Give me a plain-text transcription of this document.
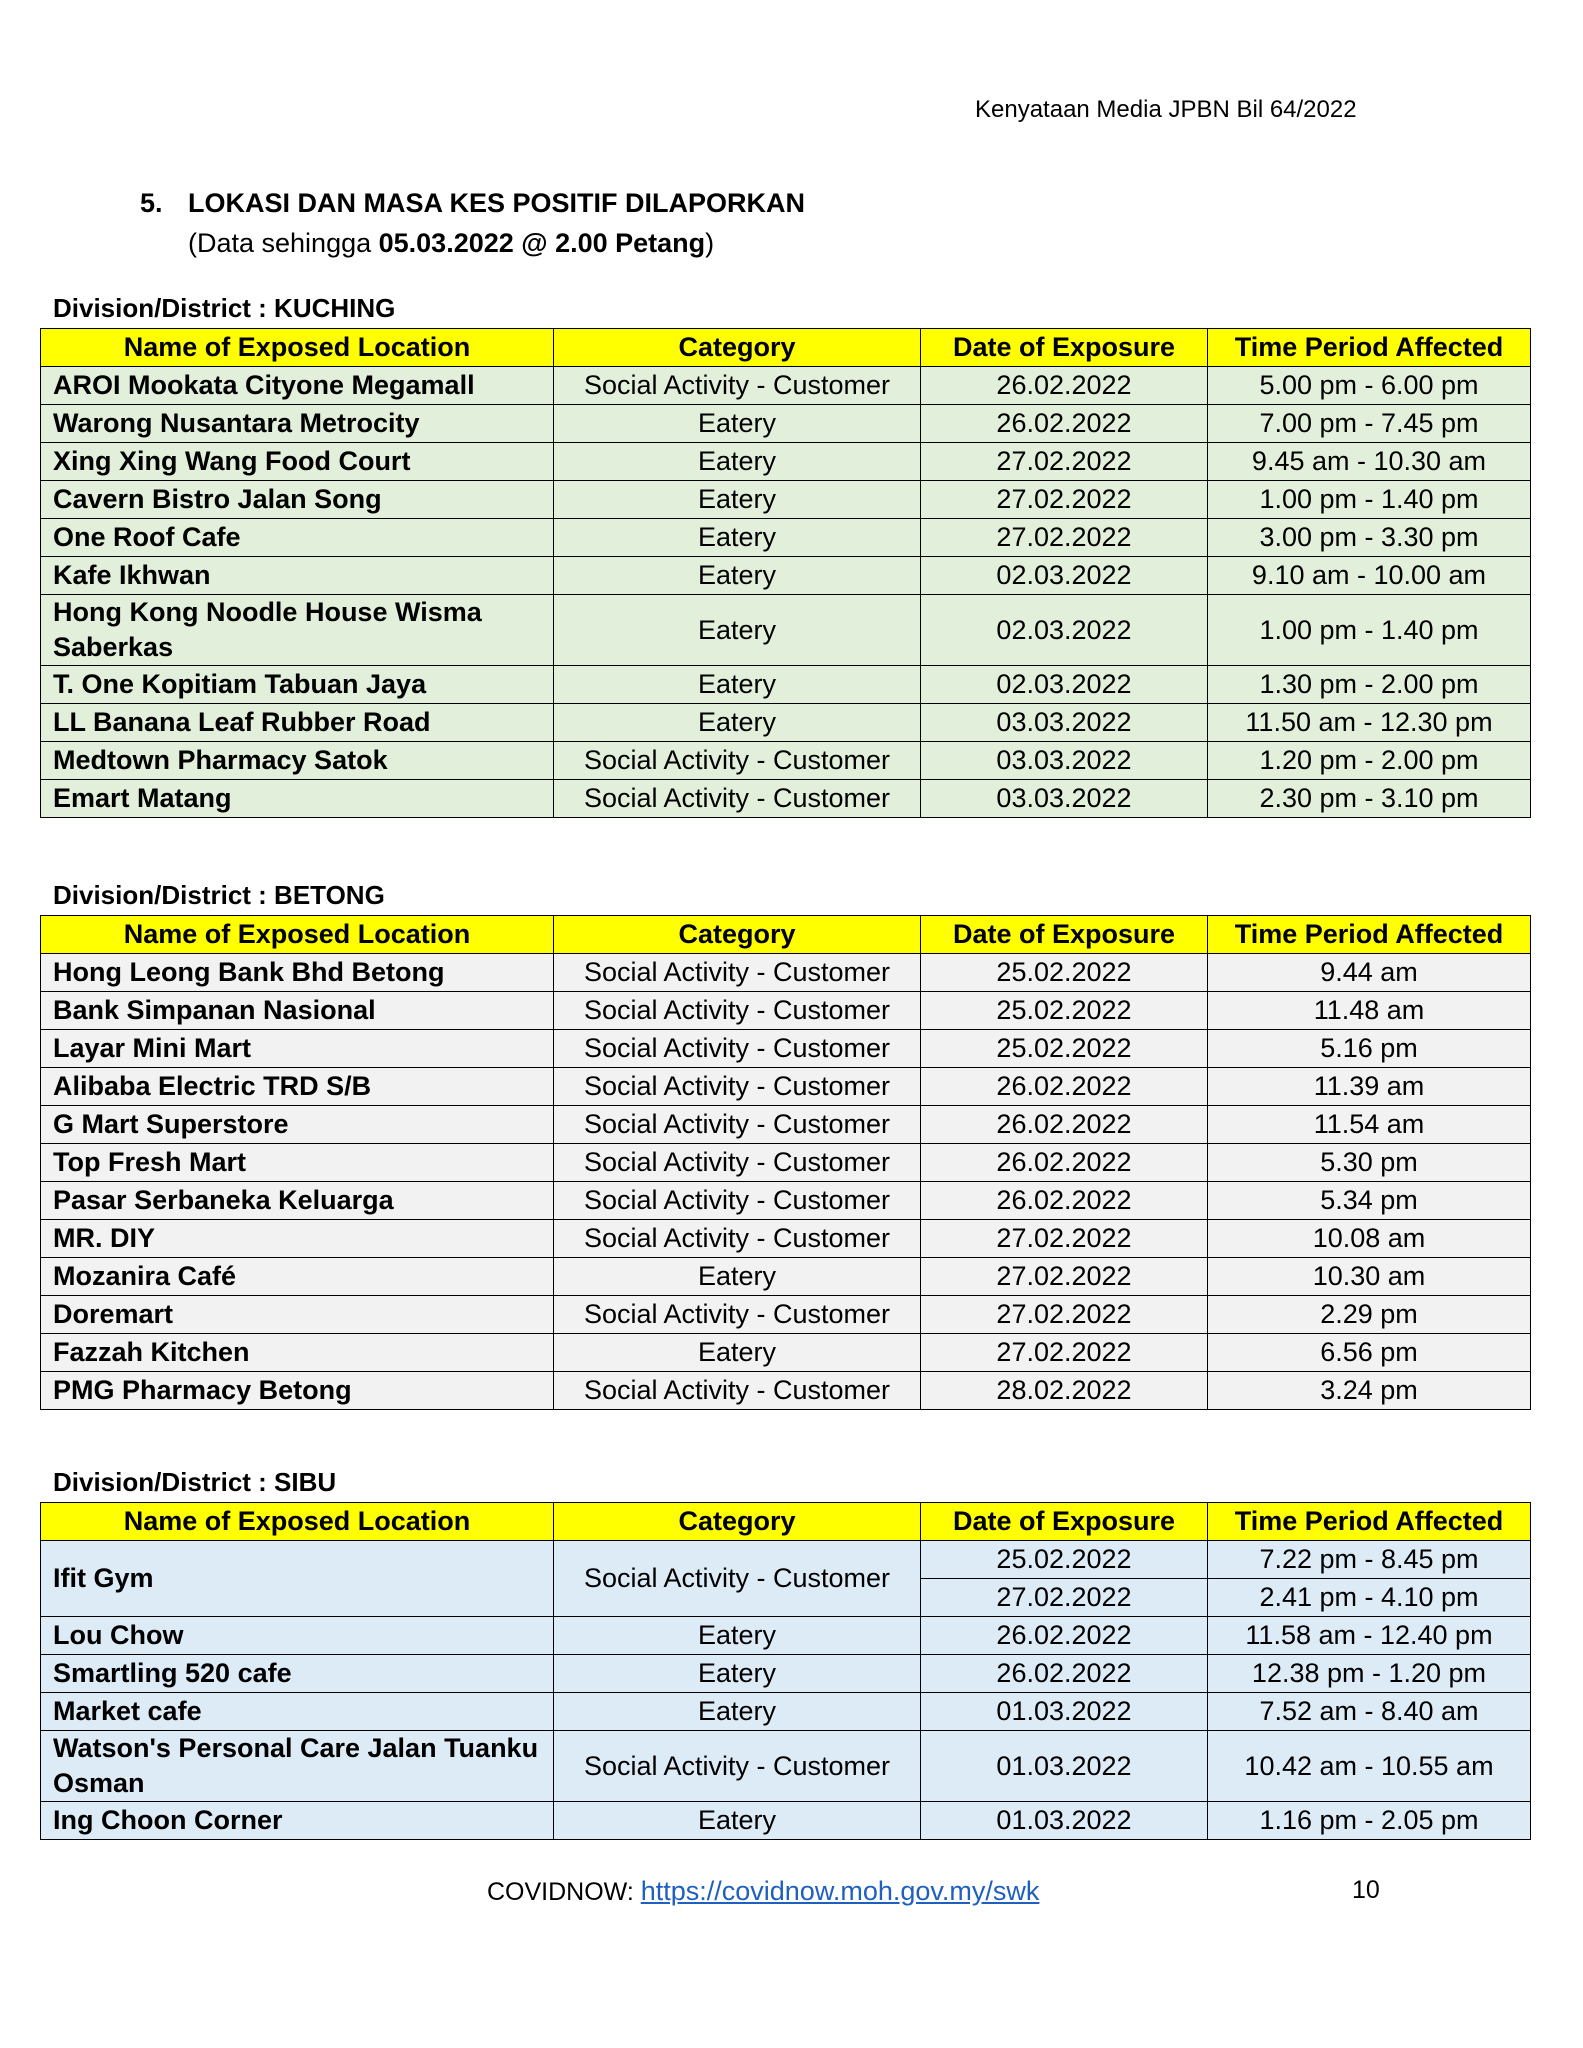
Kenyataan Media JPBN Bil 64/2022
5. LOKASI DAN MASA KES POSITIF DILAPORKAN
(Data sehingga 05.03.2022 @ 2.00 Petang)
Division/District : KUCHING
Name of Exposed Location	Category	Date of Exposure	Time Period Affected
AROI Mookata Cityone Megamall	Social Activity - Customer	26.02.2022	5.00 pm - 6.00 pm
Warong Nusantara Metrocity	Eatery	26.02.2022	7.00 pm - 7.45 pm
Xing Xing Wang Food Court	Eatery	27.02.2022	9.45 am - 10.30 am
Cavern Bistro Jalan Song	Eatery	27.02.2022	1.00 pm - 1.40 pm
One Roof Cafe	Eatery	27.02.2022	3.00 pm - 3.30 pm
Kafe Ikhwan	Eatery	02.03.2022	9.10 am - 10.00 am
Hong Kong Noodle House Wisma Saberkas	Eatery	02.03.2022	1.00 pm - 1.40 pm
T. One Kopitiam Tabuan Jaya	Eatery	02.03.2022	1.30 pm - 2.00 pm
LL Banana Leaf Rubber Road	Eatery	03.03.2022	11.50 am - 12.30 pm
Medtown Pharmacy Satok	Social Activity - Customer	03.03.2022	1.20 pm - 2.00 pm
Emart Matang	Social Activity - Customer	03.03.2022	2.30 pm - 3.10 pm
Division/District : BETONG
Name of Exposed Location	Category	Date of Exposure	Time Period Affected
Hong Leong Bank Bhd Betong	Social Activity - Customer	25.02.2022	9.44 am
Bank Simpanan Nasional	Social Activity - Customer	25.02.2022	11.48 am
Layar Mini Mart	Social Activity - Customer	25.02.2022	5.16 pm
Alibaba Electric TRD S/B	Social Activity - Customer	26.02.2022	11.39 am
G Mart Superstore	Social Activity - Customer	26.02.2022	11.54 am
Top Fresh Mart	Social Activity - Customer	26.02.2022	5.30 pm
Pasar Serbaneka Keluarga	Social Activity - Customer	26.02.2022	5.34 pm
MR. DIY	Social Activity - Customer	27.02.2022	10.08 am
Mozanira Café	Eatery	27.02.2022	10.30 am
Doremart	Social Activity - Customer	27.02.2022	2.29 pm
Fazzah Kitchen	Eatery	27.02.2022	6.56 pm
PMG Pharmacy Betong	Social Activity - Customer	28.02.2022	3.24 pm
Division/District : SIBU
Name of Exposed Location	Category	Date of Exposure	Time Period Affected
Ifit Gym	Social Activity - Customer	25.02.2022	7.22 pm - 8.45 pm
		27.02.2022	2.41 pm - 4.10 pm
Lou Chow	Eatery	26.02.2022	11.58 am - 12.40 pm
Smartling 520 cafe	Eatery	26.02.2022	12.38 pm - 1.20 pm
Market cafe	Eatery	01.03.2022	7.52 am - 8.40 am
Watson's Personal Care Jalan Tuanku Osman	Social Activity - Customer	01.03.2022	10.42 am - 10.55 am
Ing Choon Corner	Eatery	01.03.2022	1.16 pm - 2.05 pm
COVIDNOW: https://covidnow.moh.gov.my/swk	10
